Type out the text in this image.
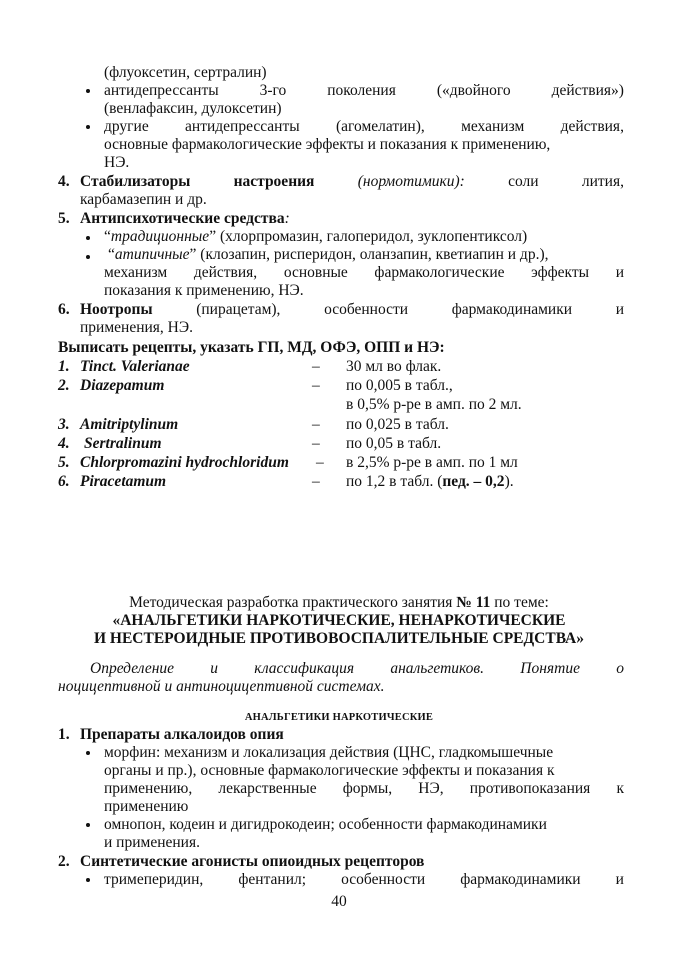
(флуоксетин, сертралин)
антидепрессанты	3-го	поколения	(«двойного	действия»)
(венлафаксин, дулоксетин)
другие антидепрессанты (агомелатин), механизм действия,
основные фармакологические эффекты и показания к применению,
НЭ.
4. Стабилизаторы	настроения	(нормотимики):	соли	лития,
карбамазепин и др.
5. Антипсихотические средства:
“традиционные” (хлорпромазин, галоперидол, зуклопентиксол)
“атипичные” (клозапин, рисперидон, оланзапин, кветиапин и др.),
механизм действия, основные фармакологические эффекты и
показания к применению, НЭ.
6. Ноотропы	(пирацетам),	особенности	фармакодинамики	и
применения, НЭ.
Выписать рецепты, указать ГП, МД, ОФЭ, ОПП и НЭ:
1. Tinct. Valerianae	– 30 мл во флак.
2. Diazepamum	– по 0,005 в табл.,
в 0,5% р-ре в амп. по 2 мл.
3. Amitriptylinum	– по 0,025 в табл.
4. Sertralinum	– по 0,05 в табл.
5. Chlorpromazini hydrochloridum – в 2,5% р-ре в амп. по 1 мл
6. Piracetamum	– по 1,2 в табл. (пед. – 0,2).
Методическая разработка практического занятия № 11 по теме:
«АНАЛЬГЕТИКИ НАРКОТИЧЕСКИЕ, НЕНАРКОТИЧЕСКИЕ
И НЕСТЕРОИДНЫЕ ПРОТИВОВОСПАЛИТЕЛЬНЫЕ СРЕДСТВА»
Определение и классификация анальгетиков. Понятие о
ноцицептивной и антиноцицептивной системах.
АНАЛЬГЕТИКИ НАРКОТИЧЕСКИЕ
1. Препараты алкалоидов опия
морфин: механизм и локализация действия (ЦНС, гладкомышечные
органы и пр.), основные фармакологические эффекты и показания к
применению, лекарственные формы, НЭ, противопоказания к
применению
омнопон, кодеин и дигидрокодеин; особенности фармакодинамики
и применения.
2. Синтетические агонисты опиоидных рецепторов
тримеперидин, фентанил; особенности фармакодинамики и
40
